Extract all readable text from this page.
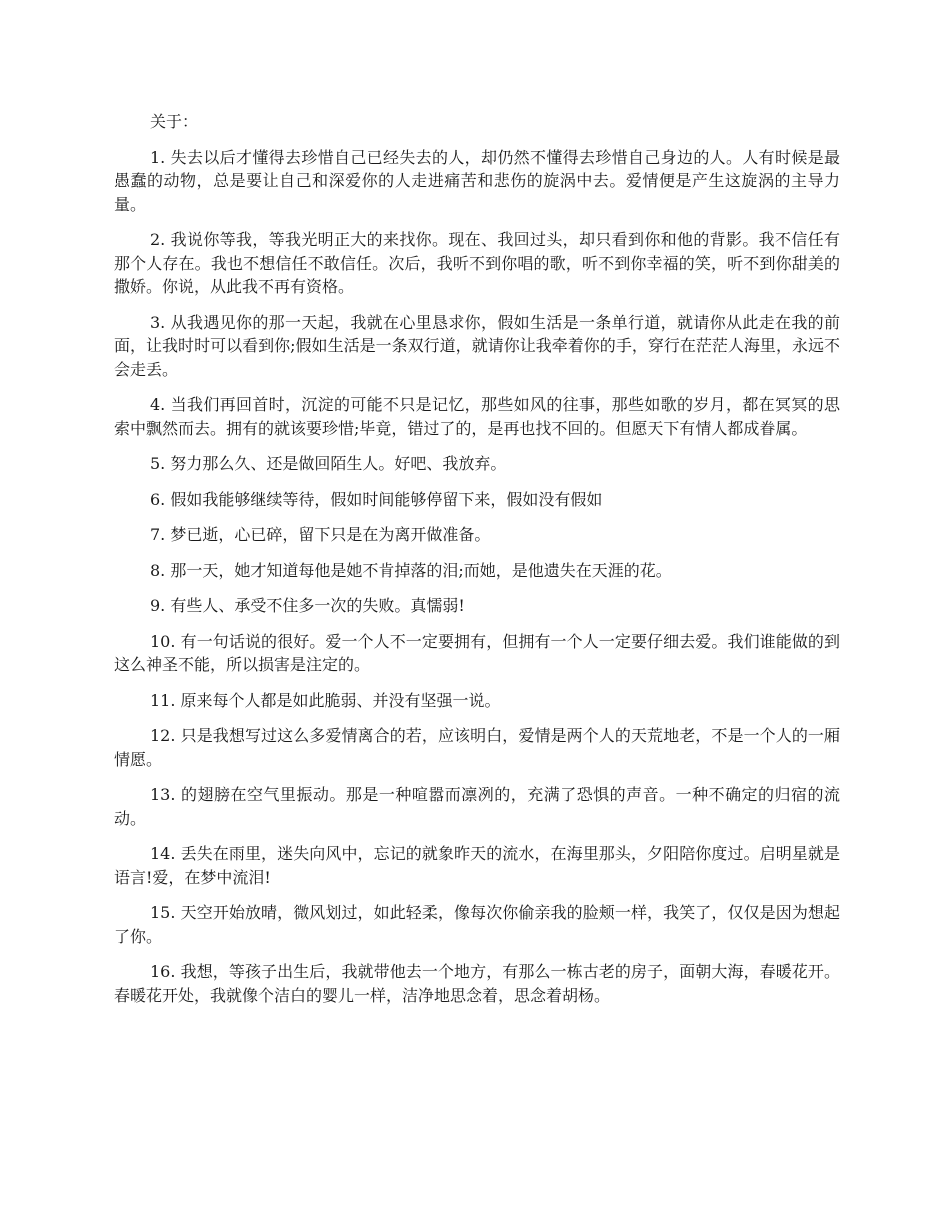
关于：

1. 失去以后才懂得去珍惜自己已经失去的人，却仍然不懂得去珍惜自己身边的人。人有时候是最愚蠢的动物，总是要让自己和深爱你的人走进痛苦和悲伤的旋涡中去。爱情便是产生这旋涡的主导力量。

2. 我说你等我，等我光明正大的来找你。现在、我回过头，却只看到你和他的背影。我不信任有那个人存在。我也不想信任不敢信任。次后，我听不到你唱的歌，听不到你幸福的笑，听不到你甜美的撒娇。你说，从此我不再有资格。

3. 从我遇见你的那一天起，我就在心里恳求你，假如生活是一条单行道，就请你从此走在我的前面，让我时时可以看到你;假如生活是一条双行道，就请你让我牵着你的手，穿行在茫茫人海里，永远不会走丢。

4. 当我们再回首时，沉淀的可能不只是记忆，那些如风的往事，那些如歌的岁月，都在冥冥的思索中飘然而去。拥有的就该要珍惜;毕竟，错过了的，是再也找不回的。但愿天下有情人都成眷属。

5. 努力那么久、还是做回陌生人。好吧、我放弃。

6. 假如我能够继续等待，假如时间能够停留下来，假如没有假如

7. 梦已逝，心已碎，留下只是在为离开做准备。

8. 那一天，她才知道每他是她不肯掉落的泪;而她，是他遗失在天涯的花。

9. 有些人、承受不住多一次的失败。真懦弱!

10. 有一句话说的很好。爱一个人不一定要拥有，但拥有一个人一定要仔细去爱。我们谁能做的到这么神圣不能，所以损害是注定的。

11. 原来每个人都是如此脆弱、并没有坚强一说。

12. 只是我想写过这么多爱情离合的若，应该明白，爱情是两个人的天荒地老，不是一个人的一厢情愿。

13. 的翅膀在空气里振动。那是一种喧嚣而凛冽的，充满了恐惧的声音。一种不确定的归宿的流动。

14. 丢失在雨里，迷失向风中，忘记的就象昨天的流水，在海里那头，夕阳陪你度过。启明星就是语言!爱，在梦中流泪!

15. 天空开始放晴，微风划过，如此轻柔，像每次你偷亲我的脸颊一样，我笑了，仅仅是因为想起了你。

16. 我想，等孩子出生后，我就带他去一个地方，有那么一栋古老的房子，面朝大海，春暖花开。春暖花开处，我就像个洁白的婴儿一样，洁净地思念着，思念着胡杨。
